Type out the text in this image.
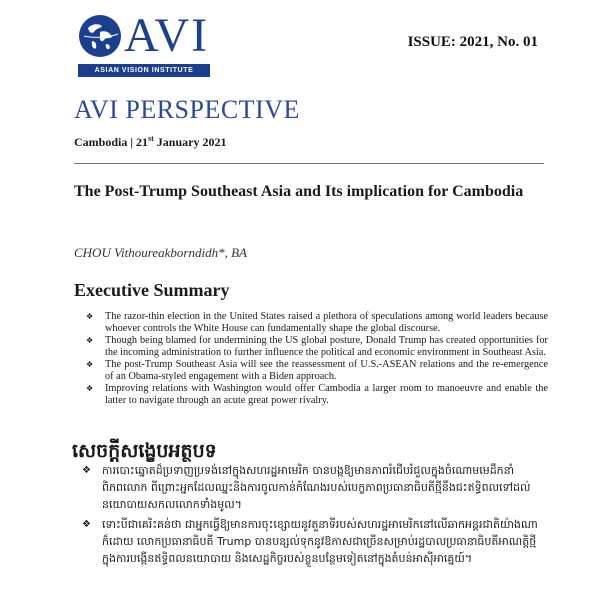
AVI
ASIAN VISION INSTITUTE
ISSUE: 2021, No. 01
AVI PERSPECTIVE
Cambodia | 21st January 2021
The Post-Trump Southeast Asia and Its implication for Cambodia
CHOU Vithoureakborndidh*, BA
Executive Summary
❖ The razor-thin election in the United States raised a plethora of speculations among world leaders because whoever controls the White House can fundamentally shape the global discourse.
❖ Though being blamed for undermining the US global posture, Donald Trump has created opportunities for the incoming administration to further influence the political and economic environment in Southeast Asia.
❖ The post-Trump Southeast Asia will see the reassessment of U.S.-ASEAN relations and the re-emergence of an Obama-styled engagement with a Biden approach.
❖ Improving relations with Washington would offer Cambodia a larger room to manoeuvre and enable the latter to navigate through an acute great power rivalry.
សេចក្តីសង្ខេបអត្ថបទ
❖ ការបោះឆ្នោតដ៏ប្រទាញប្រទង់នៅក្នុងសហរដ្ឋអាមេរិក បានបង្កឱ្យមានភាពរំជើបរំជួលក្នុងចំណោមមេដឹកនាំពិភពលោក ពីព្រោះអ្នកដែលឈ្នះនិងការចូលកាន់កំណែងរបស់បេក្ខភាពប្រធានាធិបតីថ្មីនឹងជះឥទ្ធិពលទៅដល់នយោបាយសកលលោកទាំងមូល។
❖ ទោះបីជាគេរិះគន់ថា ជាអ្នកធ្វើឱ្យមានការចុះខ្សោយនូវតួនាទីរបស់សហរដ្ឋអាមេរិកនៅលើឆាកអន្តរជាតិយ៉ាងណាក៏ដោយ លោកប្រធានាធិបតី Trump បានបន្សល់ទុកនូវឱកាសជាច្រើនសម្រាប់រដ្ឋបាលប្រធានាធិបតីអាណត្តិថ្មី ក្នុងការបង្កើនឥទ្ធិពលនយោបាយ និងសេដ្ឋកិច្ចរបស់ខ្លួនបន្ថែមទៀតនៅក្នុងតំបន់អាស៊ីអាគ្នេយ៍។
